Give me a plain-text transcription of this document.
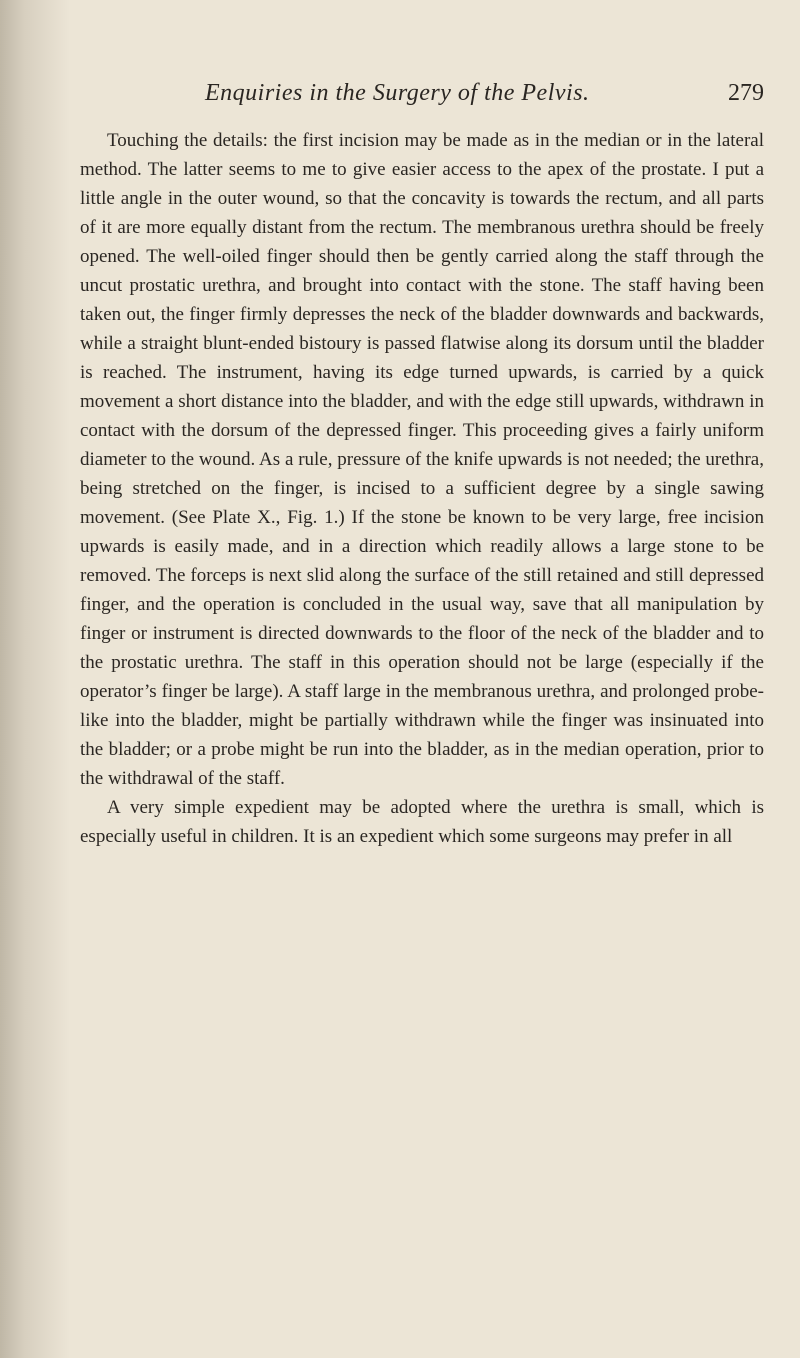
Enquiries in the Surgery of the Pelvis.	279

Touching the details: the first incision may be made as in the median or in the lateral method. The latter seems to me to give easier access to the apex of the prostate. I put a little angle in the outer wound, so that the concavity is towards the rectum, and all parts of it are more equally distant from the rectum. The membranous urethra should be freely opened. The well-oiled finger should then be gently carried along the staff through the uncut prostatic urethra, and brought into contact with the stone. The staff having been taken out, the finger firmly depresses the neck of the bladder downwards and backwards, while a straight blunt-ended bistoury is passed flatwise along its dorsum until the bladder is reached. The instrument, having its edge turned upwards, is carried by a quick movement a short distance into the bladder, and with the edge still upwards, withdrawn in contact with the dorsum of the depressed finger. This proceeding gives a fairly uniform diameter to the wound. As a rule, pressure of the knife upwards is not needed; the urethra, being stretched on the finger, is incised to a sufficient degree by a single sawing movement. (See Plate X., Fig. 1.) If the stone be known to be very large, free incision upwards is easily made, and in a direction which readily allows a large stone to be removed. The forceps is next slid along the surface of the still retained and still depressed finger, and the operation is concluded in the usual way, save that all manipulation by finger or instrument is directed downwards to the floor of the neck of the bladder and to the prostatic urethra. The staff in this operation should not be large (especially if the operator’s finger be large). A staff large in the membranous urethra, and prolonged probe-like into the bladder, might be partially withdrawn while the finger was insinuated into the bladder; or a probe might be run into the bladder, as in the median operation, prior to the withdrawal of the staff.

A very simple expedient may be adopted where the urethra is small, which is especially useful in children. It is an expedient which some surgeons may prefer in all
